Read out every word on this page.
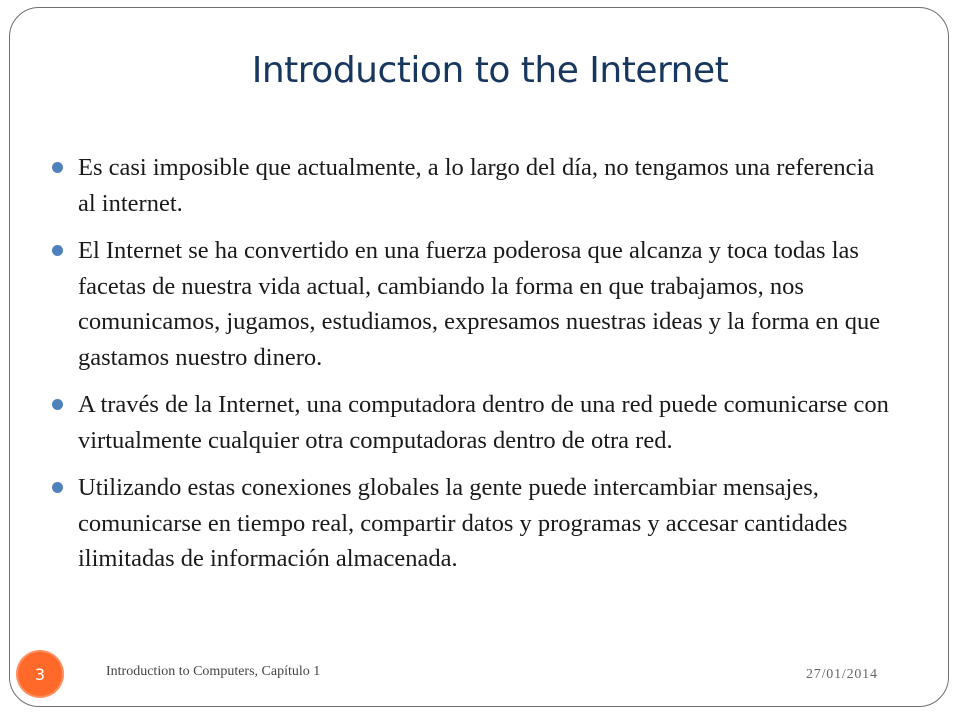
Introduction to the Internet
Es casi imposible que actualmente, a lo largo del día, no tengamos una referencia al internet.
El Internet se ha convertido en una fuerza poderosa que alcanza y toca todas las facetas de nuestra vida actual, cambiando la forma en que trabajamos, nos comunicamos, jugamos, estudiamos, expresamos nuestras ideas y la forma en que gastamos nuestro dinero.
A través de la Internet, una computadora dentro de una red puede comunicarse con virtualmente cualquier otra computadoras dentro de otra red.
Utilizando estas conexiones globales la gente puede intercambiar mensajes, comunicarse en tiempo real, compartir datos y programas y accesar cantidades ilimitadas de información almacenada.
3	Introduction to Computers, Capítulo 1	27/01/2014
